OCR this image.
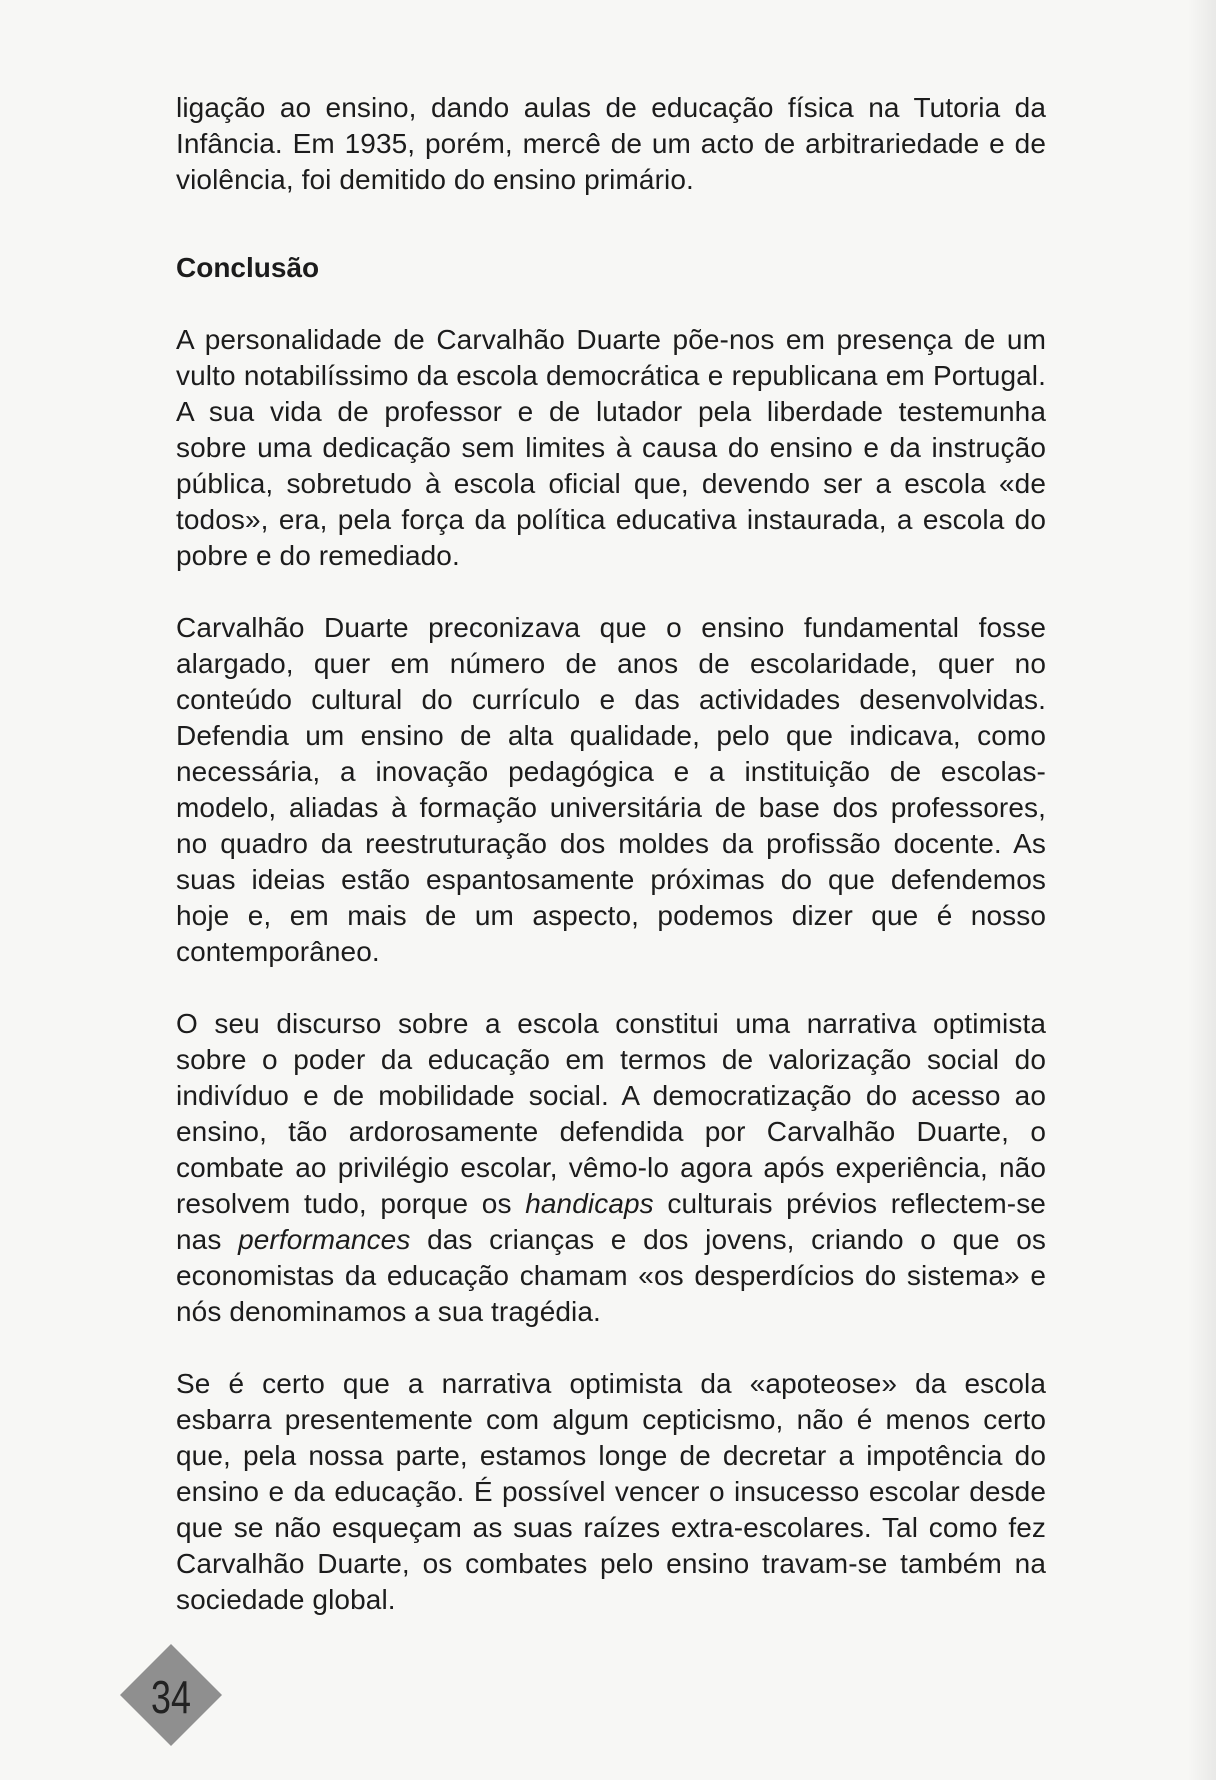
ligação ao ensino, dando aulas de educação física na Tutoria da Infância. Em 1935, porém, mercê de um acto de arbitrariedade e de violência, foi demitido do ensino primário.

Conclusão

A personalidade de Carvalhão Duarte põe-nos em presença de um vulto notabilíssimo da escola democrática e republicana em Portugal. A sua vida de professor e de lutador pela liberdade testemunha sobre uma dedicação sem limites à causa do ensino e da instrução pública, sobretudo à escola oficial que, devendo ser a escola «de todos», era, pela força da política educativa instaurada, a escola do pobre e do remediado.

Carvalhão Duarte preconizava que o ensino fundamental fosse alargado, quer em número de anos de escolaridade, quer no conteúdo cultural do currículo e das actividades desenvolvidas. Defendia um ensino de alta qualidade, pelo que indicava, como necessária, a inovação pedagógica e a instituição de escolas-modelo, aliadas à formação universitária de base dos professores, no quadro da reestruturação dos moldes da profissão docente. As suas ideias estão espantosamente próximas do que defendemos hoje e, em mais de um aspecto, podemos dizer que é nosso contemporâneo.

O seu discurso sobre a escola constitui uma narrativa optimista sobre o poder da educação em termos de valorização social do indivíduo e de mobilidade social. A democratização do acesso ao ensino, tão ardorosamente defendida por Carvalhão Duarte, o combate ao privilégio escolar, vêmo-lo agora após experiência, não resolvem tudo, porque os handicaps culturais prévios reflectem-se nas performances das crianças e dos jovens, criando o que os economistas da educação chamam «os desperdícios do sistema» e nós denominamos a sua tragédia.

Se é certo que a narrativa optimista da «apoteose» da escola esbarra presentemente com algum cepticismo, não é menos certo que, pela nossa parte, estamos longe de decretar a impotência do ensino e da educação. É possível vencer o insucesso escolar desde que se não esqueçam as suas raízes extra-escolares. Tal como fez Carvalhão Duarte, os combates pelo ensino travam-se também na sociedade global.

34
